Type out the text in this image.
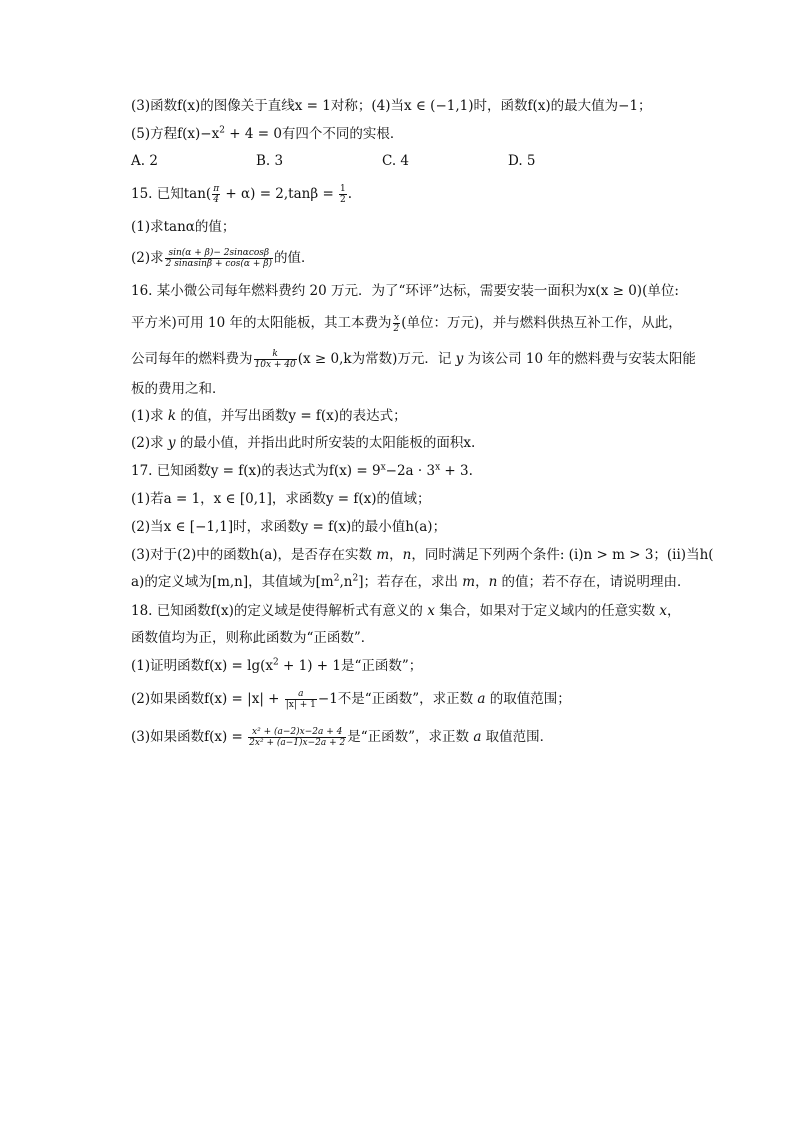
(3)函数f(x)的图像关于直线x = 1对称；(4)当x ∈ (−1,1)时，函数f(x)的最大值为−1；
(5)方程$f(x)-x^2 + 4 = 0$有四个不同的实根．
A. 2	B. 3	C. 4	D. 5
15. 已知$\tan( \frac{\pi}{4} + \alpha) = 2,\tan\beta = \frac{1}{2}$ .
(1)求tanα的值；
(2)求 $\frac{\sin(\alpha + \beta)- 2\sin\alpha\cos\beta}{2 \sin\alpha\sin\beta + \cos(\alpha + \beta)}$ 的值．
16. 某小微公司每年燃料费约 20 万元．为了“环评”达标，需要安装一面积为x(x ≥ 0)(单位:
平方米)可用 10 年的太阳能板，其工本费为 $\frac{x}{2}$ (单位：万元)，并与燃料供热互补工作，从此，
公司每年的燃料费为 $\frac{k}{10x + 40} (x \ge 0,k$为常数)万元．记 y 为该公司 10 年的燃料费与安装太阳能
板的费用之和．
(1)求 k 的值，并写出函数y = f(x)的表达式；
(2)求 y 的最小值，并指出此时所安装的太阳能板的面积x.
17. 已知函数y = f(x)的表达式为$f(x) = 9^x-2a \cdot 3^x + 3$.
(1)若a = 1，x ∈ [0,1]，求函数y = f(x)的值域；
(2)当x ∈ [−1,1]时，求函数y = f(x)的最小值h(a)；
(3)对于(2)中的函数h(a)，是否存在实数 m，n，同时满足下列两个条件: (i)n > m > 3；(ii)当h(
a)的定义域为[m,n]，其值域为$[m^2,n^2]$；若存在，求出 m，n 的值；若不存在，请说明理由．
18. 已知函数f(x)的定义域是使得解析式有意义的 x 集合，如果对于定义域内的任意实数 x，
函数值均为正，则称此函数为“正函数”．
(1)证明函数$f(x) = \lg(x^2 + 1) + 1$是“正函数”；
(2)如果函数$f(x) = |x| + \frac{a}{|x| + 1} -1$不是“正函数”，求正数 a 的取值范围；
(3)如果函数$f(x) = \frac{\text{x² + (a−2)x−2a + 4}}{\text{2x² + (a−1)x−2a + 2}}$ 是“正函数”，求正数 a 取值范围．
